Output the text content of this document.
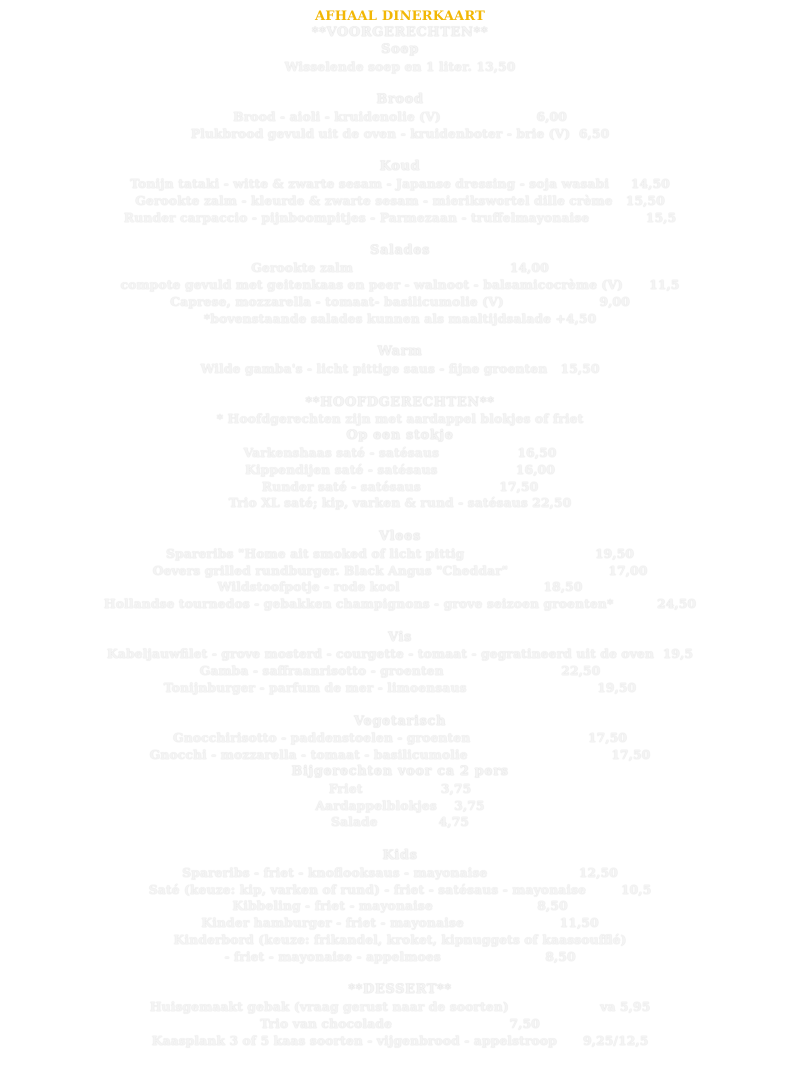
AFHAAL DINERKAART
**VOORGERECHTEN**
Soep
Wisselende soep en 1 liter. 13,50
Brood
Brood - aioli - kruidenolie (V)                      6,00
Plukbrood gevuld uit de oven - kruidenboter - brie (V)  6,50
Koud
Tonijn tataki - witte & zwarte sesam - Japanse dressing - soja wasabi     14,50
Gerookte zalm - kleurde & zwarte sesam - mierikswortel dille crème   15,50
Runder carpaccio - pijnboompitjes - Parmezaan - truffelmayonaise             15,5
Salades
Gerookte zalm                                    14,00
compote gevuld met geitenkaas en peer - walnoot - balsamicocrème (V)      11,5
Caprese, mozzarella - tomaat- basilicumolie (V)                      9,00
*bovenstaande salades kunnen als maaltijdsalade +4,50
Warm
Wilde gamba's - licht pittige saus - fijne groenten   15,50
**HOOFDGERECHTEN**
* Hoofdgerechten zijn met aardappel blokjes of friet
Op een stokje
Varkenshaas saté - satésaus                  16,50
Kippendijen saté - satésaus                  16,00
Runder saté - satésaus                  17,50
Trio XL saté; kip, varken & rund - satésaus 22,50
Vlees
Spareribs "Home ait smoked of licht pittig                              19,50
Oevers grilled rundburger. Black Angus "Cheddar"                       17,00
Wildstoofpotje - rode kool                                 18,50
Hollandse tournedos - gebakken champignons - grove seizoen groenten*          24,50
Vis
Kabeljauwfilet - grove mosterd - courgette - tomaat - gegratineerd uit de oven  19,5
Gamba - saffraanrisotto - groenten                           22,50
Tonijnburger - parfum de mer - limoensaus                              19,50
Vegetarisch
Gnocchirisotto - paddenstoelen - groenten                           17,50
Gnocchi - mozzarella - tomaat - basilicumolie                                 17,50
Bijgerechten voor ca 2 pers
Friet                  3,75
Aardappelblokjes    3,75
Salade              4,75
Kids
Spareribs - friet - knoflooksaus - mayonaise                     12,50
Saté (keuze: kip, varken of rund) - friet - satésaus - mayonaise        10,5
Kibbeling - friet - mayonaise                        8,50
Kinder hamburger - friet - mayonaise                      11,50
Kinderbord (keuze: frikandel, kroket, kipnuggets of kaassoufflé)
- friet - mayonaise - appelmoes                        8,50
**DESSERT**
Huisgemaakt gebak (vraag gerust naar de soorten)                     va 5,95
Trio van chocolade                           7,50
Kaasplank 3 of 5 kaas soorten - vijgenbrood - appelstroop      9,25/12,5
